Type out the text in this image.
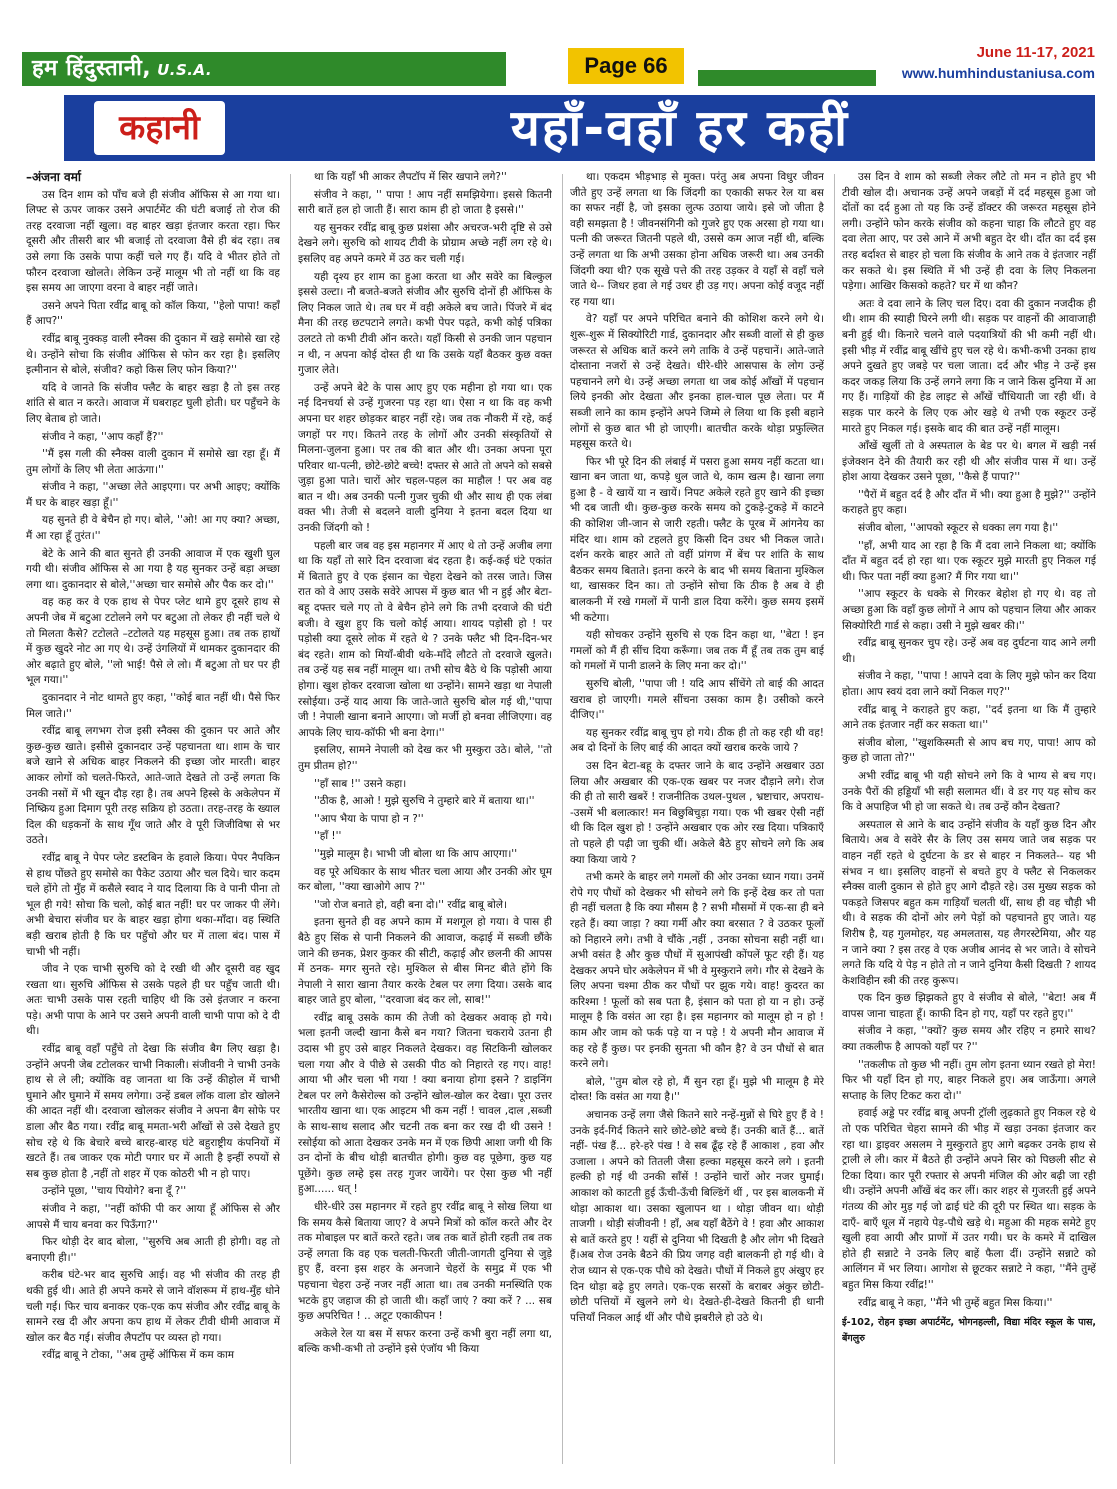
हम हिंदुस्तानी, U.S.A.	Page 66
June 11-17, 2021
www.humhindustaniusa.com
कहानी	यहाँ-वहाँ हर कहीं

–अंजना वर्मा

उस दिन शाम को पाँच बजे ही संजीव ऑफिस से आ गया था। लिफ्ट से ऊपर जाकर उसने अपार्टमेंट की घंटी बजाई तो रोज की तरह दरवाजा नहीं खुला। वह बाहर खड़ा इंतजार करता रहा। फिर दूसरी और तीसरी बार भी बजाई तो दरवाजा वैसे ही बंद रहा। तब उसे लगा कि उसके पापा कहीं चले गए हैं। यदि वे भीतर होते तो फौरन दरवाजा खोलते। लेकिन उन्हें मालूम भी तो नहीं था कि वह इस समय आ जाएगा वरना वे बाहर नहीं जाते।

उसने अपने पिता रवींद्र बाबू को कॉल किया, ''हेलो पापा! कहाँ हैं आप?''

रवींद्र बाबू नुक्कड़ वाली स्नैक्स की दुकान में खड़े समोसे खा रहे थे। उन्होंने सोचा कि संजीव ऑफिस से फोन कर रहा है। इसलिए इत्मीनान से बोले, संजीव? कहो किस लिए फोन किया?''

यदि वे जानते कि संजीव फ्लैट के बाहर खड़ा है तो इस तरह शांति से बात न करते। आवाज में घबराहट घुली होती। घर पहुँचने के लिए बेताब हो जाते।

संजीव ने कहा, ''आप कहाँ हैं?''

''मैं इस गली की स्नैक्स वाली दुकान में समोसे खा रहा हूँ। मैं तुम लोगों के लिए भी लेता आऊंगा।''

संजीव ने कहा, ''अच्छा लेते आइएगा। पर अभी आइए; क्योंकि मैं घर के बाहर खड़ा हूँ।''

यह सुनते ही वे बेचैन हो गए। बोले, ''ओ! आ गए क्या? अच्छा, मैं आ रहा हूँ तुरंत।''

बेटे के आने की बात सुनते ही उनकी आवाज में एक खुशी घुल गयी थी। संजीव ऑफिस से आ गया है यह सुनकर उन्हें बड़ा अच्छा लगा था। दुकानदार से बोले,''अच्छा चार समोसे और पैक कर दो।''

वह कह कर वे एक हाथ से पेपर प्लेट थामे हुए दूसरे हाथ से अपनी जेब में बटुआ टटोलने लगे पर बटुआ तो लेकर ही नहीं चले थे तो मिलता कैसे? टटोलते –टटोलते यह महसूस हुआ। तब तक हाथों में कुछ खुदरे नोट आ गए थे। उन्हें उंगलियों में थामकर दुकानदार की ओर बढ़ाते हुए बोले, ''लो भाई! पैसे ले लो। मैं बटुआ तो घर पर ही भूल गया।''

दुकानदार ने नोट थामते हुए कहा, ''कोई बात नहीं थी। पैसे फिर मिल जाते।''

रवींद्र बाबू लगभग रोज इसी स्नैक्स की दुकान पर आते और कुछ-कुछ खाते। इसीसे दुकानदार उन्हें पहचानता था। शाम के चार बजे खाने से अधिक बाहर निकलने की इच्छा जोर मारती। बाहर आकर लोगों को चलते-फिरते, आते-जाते देखते तो उन्हें लगता कि उनकी नसों में भी खून दौड़ रहा है। तब अपने हिस्से के अकेलेपन में निष्क्रिय हुआ दिमाग पूरी तरह सक्रिय हो उठता। तरह-तरह के ख्याल दिल की धड़कनों के साथ गूँथ जाते और वे पूरी जिजीविषा से भर उठते।

रवींद्र बाबू ने पेपर प्लेट डस्टबिन के हवाले किया। पेपर नैपकिन से हाथ पोंछते हुए समोसे का पैकेट उठाया और चल दिये। चार कदम चले होंगे तो मुँह में कसैले स्वाद ने याद दिलाया कि वे पानी पीना तो भूल ही गये! सोचा कि चलो, कोई बात नहीं! घर पर जाकर पी लेंगे। अभी बेचारा संजीव घर के बाहर खड़ा होगा थका-माँदा। वह स्थिति बड़ी खराब होती है कि घर पहुँचो और घर में ताला बंद। पास में चाभी भी नहीं।

जीव ने एक चाभी सुरुचि को दे रखी थी और दूसरी वह खुद रखता था। सुरुचि ऑफिस से उसके पहले ही घर पहुँच जाती थी। अतः चाभी उसके पास रहती चाहिए थी कि उसे इंतजार न करना पड़े। अभी पापा के आने पर उसने अपनी वाली चाभी पापा को दे दी थी।

रवींद्र बाबू वहाँ पहुँचे तो देखा कि संजीव बैग लिए खड़ा है। उन्होंने अपनी जेब टटोलकर चाभी निकाली। संजीवनी ने चाभी उनके हाथ से ले ली; क्योंकि वह जानता था कि उन्हें कीहोल में चाभी घुमाने और घुमाने में समय लगेगा। उन्हें डबल लॉक वाला डोर खोलने की आदत नहीं थी। दरवाजा खोलकर संजीव ने अपना बैग सोफे पर डाला और बैठ गया। रवींद्र बाबू ममता-भरी आँखों से उसे देखते हुए सोच रहे थे कि बेचारे बच्चे बारह-बारह घंटे बहुराष्ट्रीय कंपनियों में खटते हैं। तब जाकर एक मोटी पगार घर में आती है इन्हीं रुपयों से सब कुछ होता है ,नहीं तो शहर में एक कोठरी भी न हो पाए।

उन्होंने पूछा, ''चाय पियोगे? बना दूँ ?''

संजीव ने कहा, ''नहीं कॉफी पी कर आया हूँ ऑफिस से और आपसे मैं चाय बनवा कर पिऊँगा?''

फिर थोड़ी देर बाद बोला, ''सुरुचि अब आती ही होगी। वह तो बनाएगी ही।''

करीब घंटे-भर बाद सुरुचि आई। वह भी संजीव की तरह ही थकी हुई थी। आते ही अपने कमरे से जाने वॉशरूम में हाथ-मुँह धोने चली गई। फिर चाय बनाकर एक-एक कप संजीव और रवींद्र बाबू के सामने रख दी और अपना कप हाथ में लेकर टीवी धीमी आवाज में खोल कर बैठ गई। संजीव लैपटॉप पर व्यस्त हो गया।

रवींद्र बाबू ने टोका, ''अब तुम्हें ऑफिस में कम काम

था कि यहाँ भी आकर लैपटॉप में सिर खपाने लगे?''

संजीव ने कहा, '' पापा ! आप नहीं समझियेगा। इससे कितनी सारी बातें हल हो जाती हैं। सारा काम ही हो जाता है इससे।''

यह सुनकर रवींद्र बाबू कुछ प्रशंसा और अचरज-भरी दृष्टि से उसे देखने लगे। सुरुचि को शायद टीवी के प्रोग्राम अच्छे नहीं लग रहे थे। इसलिए वह अपने कमरे में उठ कर चली गई।

यही दृश्य हर शाम का हुआ करता था और सवेरे का बिल्कुल इससे उल्टा। नौ बजते-बजते संजीव और सुरुचि दोनों ही ऑफिस के लिए निकल जाते थे। तब घर में वही अकेले बच जाते। पिंजरे में बंद मैना की तरह छटपटाने लगते। कभी पेपर पढ़ते, कभी कोई पत्रिका उलटते तो कभी टीवी ऑन करते। यहाँ किसी से उनकी जान पहचान न थी, न अपना कोई दोस्त ही था कि उसके यहाँ बैठकर कुछ वक्त गुजार लेते।

उन्हें अपने बेटे के पास आए हुए एक महीना हो गया था। एक नई दिनचर्या से उन्हें गुजरना पड़ रहा था। ऐसा न था कि वह कभी अपना घर शहर छोड़कर बाहर नहीं रहे। जब तक नौकरी में रहे, कई जगहों पर गए। कितने तरह के लोगों और उनकी संस्कृतियों से मिलना-जुलना हुआ। पर तब की बात और थी। उनका अपना पूरा परिवार था-पत्नी, छोटे-छोटे बच्चे! दफ्तर से आते तो अपने को सबसे जुड़ा हुआ पाते। चारों ओर चहल-पहल का माहौल ! पर अब वह बात न थी। अब उनकी पत्नी गुजर चुकी थी और साथ ही एक लंबा वक्त भी। तेजी से बदलने वाली दुनिया ने इतना बदल दिया था उनकी जिंदगी को !

पहली बार जब वह इस महानगर में आए थे तो उन्हें अजीब लगा था कि यहाँ तो सारे दिन दरवाजा बंद रहता है। कई-कई घंटे एकांत में बिताते हुए वे एक इंसान का चेहरा देखने को तरस जाते। जिस रात को वे आए उसके सवेरे आपस में कुछ बात भी न हुई और बेटा-बहू दफ्तर चले गए तो वे बेचैन होने लगे कि तभी दरवाजे की घंटी बजी। वे खुश हुए कि चलो कोई आया। शायद पड़ोसी हो ! पर पड़ोसी क्या दूसरे लोक में रहते थे ? उनके फ्लैट भी दिन-दिन-भर बंद रहते। शाम को मियाँ-बीवी थके-माँदे लौटते तो दरवाजे खुलते। तब उन्हें यह सब नहीं मालूम था। तभी सोच बैठे थे कि पड़ोसी आया होगा। खुश होकर दरवाजा खोला था उन्होंने। सामने खड़ा था नेपाली रसोईया। उन्हें याद आया कि जाते-जाते सुरुचि बोल गई थी,''पापा जी ! नेपाली खाना बनाने आएगा। जो मर्जी हो बनवा लीजिएगा। वह आपके लिए चाय-कॉफी भी बना देगा।''

इसलिए, सामने नेपाली को देख कर भी मुस्कुरा उठे। बोले, ''तो तुम प्रीतम हो?''

''हाँ साब !'' उसने कहा।

''ठीक है, आओ ! मुझे सुरुचि ने तुम्हारे बारे में बताया था।''

''आप भैया के पापा हो न ?''

''हाँ !''

''मुझे मालूम है। भाभी जी बोला था कि आप आएगा।''

वह पूरे अधिकार के साथ भीतर चला आया और उनकी ओर घूम कर बोला, ''क्या खाओगे आप ?''

''जो रोज बनाते हो, वही बना दो।'' रवींद्र बाबू बोले।

इतना सुनते ही वह अपने काम में मशगूल हो गया। वे पास ही बैठे हुए सिंक से पानी निकलने की आवाज, कढ़ाई में सब्जी छौंके जाने की छनक, प्रेशर कुकर की सीटी, कढ़ाई और छलनी की आपस में ठनक- मगर सुनते रहे। मुश्किल से बीस मिनट बीते होंगे कि नेपाली ने सारा खाना तैयार करके टेबल पर लगा दिया। उसके बाद बाहर जाते हुए बोला, ''दरवाजा बंद कर लो, साब!''

रवींद्र बाबू उसके काम की तेजी को देखकर अवाक् हो गये। भला इतनी जल्दी खाना कैसे बन गया? जितना चकराये उतना ही उदास भी हुए उसे बाहर निकलते देखकर। वह सिटकिनी खोलकर चला गया और वे पीछे से उसकी पीठ को निहारते रह गए। वाह! आया भी और चला भी गया ! क्या बनाया होगा इसने ? डाइनिंग टेबल पर लगे कैसेरोल्स को उन्होंने खोल-खोल कर देखा। पूरा उत्तर भारतीय खाना था। एक आइटम भी कम नहीं ! चावल ,दाल ,सब्जी के साथ-साथ सलाद और चटनी तक बना कर रख दी थी उसने ! रसोईया को आता देखकर उनके मन में एक छिपी आशा जगी थी कि उन दोनों के बीच थोड़ी बातचीत होगी। कुछ वह पूछेगा, कुछ यह पूछेंगे। कुछ लम्हे इस तरह गुजर जायेंगे। पर ऐसा कुछ भी नहीं हुआ...... धत् !

धीरे-धीरे उस महानगर में रहते हुए रवींद्र बाबू ने सोख लिया था कि समय कैसे बिताया जाए? वे अपने मित्रों को कॉल करते और देर तक मोबाइल पर बातें करते रहते। जब तक बातें होती रहती तब तक उन्हें लगता कि वह एक चलती-फिरती जीती-जागती दुनिया से जुड़े हुए हैं, वरना इस शहर के अनजाने चेहरों के समुद्र में एक भी पहचाना चेहरा उन्हें नजर नहीं आता था। तब उनकी मनस्थिति एक भटके हुए जहाज की हो जाती थी। कहाँ जाएं ? क्या करें ? ... सब कुछ अपरिचित ! .. अटूट एकाकीपन !

अकेले रेल या बस में सफर करना उन्हें कभी बुरा नहीं लगा था, बल्कि कभी-कभी तो उन्होंने इसे एंजॉय भी किया

था। एकदम भीड़भाड़ से मुक्त। परंतु अब अपना विधुर जीवन जीते हुए उन्हें लगता था कि जिंदगी का एकाकी सफर रेल या बस का सफर नहीं है, जो इसका लुत्फ उठाया जाये। इसे जो जीता है वही समझता है ! जीवनसंगिनी को गुजरे हुए एक अरसा हो गया था। पत्नी की जरूरत जितनी पहले थी, उससे कम आज नहीं थी, बल्कि उन्हें लगता था कि अभी उसका होना अधिक जरूरी था। अब उनकी जिंदगी क्या थी? एक सूखे पत्ते की तरह उड़कर वे यहाँ से वहाँ चले जाते थे-- जिधर हवा ले गई उधर ही उड़ गए। अपना कोई वजूद नहीं रह गया था।

वे? यहाँ पर अपने परिचित बनाने की कोशिश करने लगे थे। शुरू-शुरू में सिक्योरिटी गार्ड, दुकानदार और सब्जी वालों से ही कुछ जरूरत से अधिक बातें करने लगे ताकि वे उन्हें पहचानें। आते-जाते दोस्ताना नजरों से उन्हें देखते। धीरे-धीरे आसपास के लोग उन्हें पहचानने लगे थे। उन्हें अच्छा लगता था जब कोई आँखों में पहचान लिये इनकी ओर देखता और इनका हाल-चाल पूछ लेता। पर मैं सब्जी लाने का काम इन्होंने अपने जिम्मे ले लिया था कि इसी बहाने लोगों से कुछ बात भी हो जाएगी। बातचीत करके थोड़ा प्रफुल्लित महसूस करते थे।

फिर भी पूरे दिन की लंबाई में पसरा हुआ समय नहीं कटता था। खाना बन जाता था, कपड़े धुल जाते थे, काम खत्म है। खाना लगा हुआ है - वे खायें या न खायें। निपट अकेले रहते हुए खाने की इच्छा भी दब जाती थी। कुछ-कुछ करके समय को टुकड़े-टुकड़े में काटने की कोशिश जी-जान से जारी रहती। फ्लैट के पूरब में आंगनेय का मंदिर था। शाम को टहलते हुए किसी दिन उधर भी निकल जाते। दर्शन करके बाहर आते तो वहीं प्रांगण में बेंच पर शांति के साथ बैठकर समय बिताते। इतना करने के बाद भी समय बिताना मुश्किल था, खासकर दिन का। तो उन्होंने सोचा कि ठीक है अब वे ही बालकनी में रखे गमलों में पानी डाल दिया करेंगे। कुछ समय इसमें भी कटेगा।

यही सोचकर उन्होंने सुरुचि से एक दिन कहा था, ''बेटा ! इन गमलों को मैं ही सींच दिया करूँगा। जब तक मैं हूँ तब तक तुम बाई को गमलों में पानी डालने के लिए मना कर दो।''

सुरुचि बोली, ''पापा जी ! यदि आप सींचेंगे तो बाई की आदत खराब हो जाएगी। गमले सींचना उसका काम है। उसीको करने दीजिए।''

यह सुनकर रवींद्र बाबू चुप हो गये। ठीक ही तो कह रही थी वह! अब दो दिनों के लिए बाई की आदत क्यों खराब करके जाये ?

उस दिन बेटा-बहू के दफ्तर जाने के बाद उन्होंने अखबार उठा लिया और अखबार की एक-एक खबर पर नजर दौड़ाने लगे। रोज की ही तो सारी खबरें ! राजनीतिक उथल-पुथल , भ्रष्टाचार, अपराध--उसमें भी बलात्कार! मन बिछुबिचुड़ा गया। एक भी खबर ऐसी नहीं थी कि दिल खुश हो ! उन्होंने अखबार एक ओर रख दिया। पत्रिकाएँ तो पहले ही पढ़ी जा चुकी थीं। अकेले बैठे हुए सोचने लगे कि अब क्या किया जाये ?

तभी कमरे के बाहर लगे गमलों की ओर उनका ध्यान गया। उनमें रोपे गए पौधों को देखकर भी सोचने लगे कि इन्हें देख कर तो पता ही नहीं चलता है कि क्या मौसम है ? सभी मौसमों में एक-सा ही बने रहते हैं। क्या जाड़ा ? क्या गर्मी और क्या बरसात ? वे उठकर फूलों को निहारने लगे। तभी वे चौंके ,नहीं , उनका सोचना सही नहीं था। अभी वसंत है और कुछ पौधों में सुआपंखी कोंपलें फूट रही हैं। यह देखकर अपने घोर अकेलेपन में भी वे मुस्कुराने लगे। गौर से देखने के लिए अपना चश्मा ठीक कर पौधों पर झुक गये। वाह! कुदरत का करिश्मा ! फूलों को सब पता है, इंसान को पता हो या न हो। उन्हें मालूम है कि वसंत आ रहा है। इस महानगर को मालूम हो न हो ! काम और जाम को फर्क पड़े या न पड़े ! ये अपनी मौन आवाज में कह रहे हैं कुछ। पर इनकी सुनता भी कौन है? वे उन पौधों से बात करने लगे।

बोले, ''तुम बोल रहे हो, मैं सुन रहा हूँ। मुझे भी मालूम है मेरे दोस्त! कि वसंत आ गया है।''

अचानक उन्हें लगा जैसे कितने सारे नन्हें-मुन्नों से घिरे हुए हैं वे ! उनके इर्द-गिर्द कितने सारे छोटे-छोटे बच्चे हैं। उनकी बातें हैं... बातें नहीं- पंख हैं... हरे-हरे पंख ! वे सब ढूँढ़ रहे हैं आकाश , हवा और उजाला । अपने को तितली जैसा हल्का महसूस करने लगे । इतनी हल्की हो गई थी उनकी साँसें ! उन्होंने चारों ओर नजर घुमाई। आकाश को काटती हुई ऊँची-ऊँची बिल्डिंगें थीं , पर इस बालकनी में थोड़ा आकाश था। उसका खुलापन था । थोड़ा जीवन था। थोड़ी ताजगी । थोड़ी संजीवनी ! हाँ, अब यहाँ बैठेंगे वे ! हवा और आकाश से बातें करते हुए ! यहीं से दुनिया भी दिखती है और लोग भी दिखते हैं।अब रोज उनके बैठने की प्रिय जगह वही बालकनी हो गई थी। वे रोज ध्यान से एक-एक पौधे को देखते। पौधों में निकले हुए अंखुए हर दिन थोड़ा बढ़े हुए लगते। एक-एक सरसों के बराबर अंकुर छोटी-छोटी पत्तियों में खुलने लगे थे। देखते-ही-देखते कितनी ही धानी पत्तियाँ निकल आई थीं और पौधे झबरीले हो उठे थे।

उस दिन वे शाम को सब्जी लेकर लौटे तो मन न होते हुए भी टीवी खोल दी। अचानक उन्हें अपने जबड़ों में दर्द महसूस हुआ जो दोंतों का दर्द हुआ तो यह कि उन्हें डॉक्टर की जरूरत महसूस होने लगी। उन्होंने फोन करके संजीव को कहना चाहा कि लौटते हुए वह दवा लेता आए, पर उसे आने में अभी बहुत देर थी। दाँत का दर्द इस तरह बर्दाश्त से बाहर हो चला कि संजीव के आने तक वे इंतजार नहीं कर सकते थे। इस स्थिति में भी उन्हें ही दवा के लिए निकलना पड़ेगा। आखिर किसको कहते? घर में था कौन?

अतः वे दवा लाने के लिए चल दिए। दवा की दुकान नजदीक ही थी। शाम की स्याही घिरने लगी थी। सड़क पर वाहनों की आवाजाही बनी हुई थी। किनारे चलने वाले पदयात्रियों की भी कमी नहीं थी। इसी भीड़ में रवींद्र बाबू खींचे हुए चल रहे थे। कभी-कभी उनका हाथ अपने दुखते हुए जबड़े पर चला जाता। दर्द और भीड़ ने उन्हें इस कदर जकड़ लिया कि उन्हें लगने लगा कि न जाने किस दुनिया में आ गए हैं। गाड़ियों की हेड लाइट से आँखें चौंधियाती जा रही थीं। वे सड़क पार करने के लिए एक ओर खड़े थे तभी एक स्कूटर उन्हें मारते हुए निकल गई। इसके बाद की बात उन्हें नहीं मालूम।

आँखें खुलीं तो वे अस्पताल के बेड पर थे। बगल में खड़ी नर्स इंजेक्शन देने की तैयारी कर रही थी और संजीव पास में था। उन्हें होश आया देखकर उसने पूछा, ''कैसे हैं पापा?''

''पैरों में बहुत दर्द है और दाँत में भी। क्या हुआ है मुझे?'' उन्होंने कराहते हुए कहा।

संजीव बोला, ''आपको स्कूटर से धक्का लग गया है।''

''हाँ, अभी याद आ रहा है कि मैं दवा लाने निकला था; क्योंकि दाँत में बहुत दर्द हो रहा था। एक स्कूटर मुझे मारती हुए निकल गई थी। फिर पता नहीं क्या हुआ? मैं गिर गया था।''

''आप स्कूटर के धक्के से गिरकर बेहोश हो गए थे। वह तो अच्छा हुआ कि वहाँ कुछ लोगों ने आप को पहचान लिया और आकर सिक्योरिटी गार्ड से कहा। उसी ने मुझे खबर की।''

रवींद्र बाबू सुनकर चुप रहे। उन्हें अब वह दुर्घटना याद आने लगी थी।

संजीव ने कहा, ''पापा ! आपने दवा के लिए मुझे फोन कर दिया होता। आप स्वयं दवा लाने क्यों निकल गए?''

रवींद्र बाबू ने कराहते हुए कहा, ''दर्द इतना था कि मैं तुम्हारे आने तक इंतजार नहीं कर सकता था।''

संजीव बोला, ''खुशकिस्मती से आप बच गए, पापा! आप को कुछ हो जाता तो?''

अभी रवींद्र बाबू भी यही सोचने लगे कि वे भाग्य से बच गए। उनके पैरों की हड्डियाँ भी सही सलामत थीं। वे डर गए यह सोच कर कि वे अपाहिज भी हो जा सकते थे। तब उन्हें कौन देखता?

अस्पताल से आने के बाद उन्होंने संजीव के यहाँ कुछ दिन और बिताये। अब वे सवेरे सैर के लिए उस समय जाते जब सड़क पर वाहन नहीं रहते थे दुर्घटना के डर से बाहर न निकलते-- यह भी संभव न था। इसलिए वाहनों से बचते हुए वे फ्लैट से निकलकर स्नैक्स वाली दुकान से होते हुए आगे दौड़ते रहे। उस मुख्य सड़क को पकड़ते जिसपर बहुत कम गाड़ियाँ चलती थीं, साथ ही वह चौड़ी भी थी। वे सड़क की दोनों ओर लगे पेड़ों को पहचानते हुए जाते। यह शिरीष है, यह गुलमोहर, यह अमलतास, यह लैगरस्टेमिया, और यह न जाने क्या ? इस तरह वे एक अजीब आनंद से भर जाते। वे सोचने लगते कि यदि ये पेड़ न होते तो न जाने दुनिया कैसी दिखती ? शायद केशविहीन स्त्री की तरह कुरूप।

एक दिन कुछ झिझकते हुए वे संजीव से बोले, ''बेटा! अब मैं वापस जाना चाहता हूँ। काफी दिन हो गए, यहाँ पर रहते हुए।''

संजीव ने कहा, ''क्यों? कुछ समय और रहिए न हमारे साथ? क्या तकलीफ है आपको यहाँ पर ?''

''तकलीफ तो कुछ भी नहीं। तुम लोग इतना ध्यान रखते हो मेरा! फिर भी यहाँ दिन हो गए, बाहर निकले हुए। अब जाऊँगा। अगले सप्ताह के लिए टिकट करा दो।''

हवाई अड्डे पर रवींद्र बाबू अपनी ट्रॉली लुढ़काते हुए निकल रहे थे तो एक परिचित चेहरा सामने की भीड़ में खड़ा उनका इंतजार कर रहा था। ड्राइवर असलम ने मुस्कुराते हुए आगे बढ़कर उनके हाथ से ट्राली ले ली। कार में बैठते ही उन्होंने अपने सिर को पिछली सीट से टिका दिया। कार पूरी रफ्तार से अपनी मंजिल की ओर बढ़ी जा रही थी। उन्होंने अपनी आँखें बंद कर लीं। कार शहर से गुजरती हुई अपने गंतव्य की ओर मुड़ गई जो ढाई घंटे की दूरी पर स्थित था। सड़क के दाएँ- बाएँ धूल में नहाये पेड़-पौधे खड़े थे। महुआ की महक समेटे हुए खुली हवा आयी और प्राणों में उतर गयी। घर के कमरे में दाखिल होते ही सन्नाटे ने उनके लिए बाहें फैला दीं। उन्होंने सन्नाटे को आलिंगन में भर लिया। आगोश से छूटकर सन्नाटे ने कहा, ''मैंने तुम्हें बहुत मिस किया रवींद्र!''

रवींद्र बाबू ने कहा, ''मैंने भी तुम्हें बहुत मिस किया।''

ई-102, रोहन इच्छा अपार्टमेंट, भोगनहल्ली, विद्या मंदिर स्कूल के पास, बेंगलुरु
